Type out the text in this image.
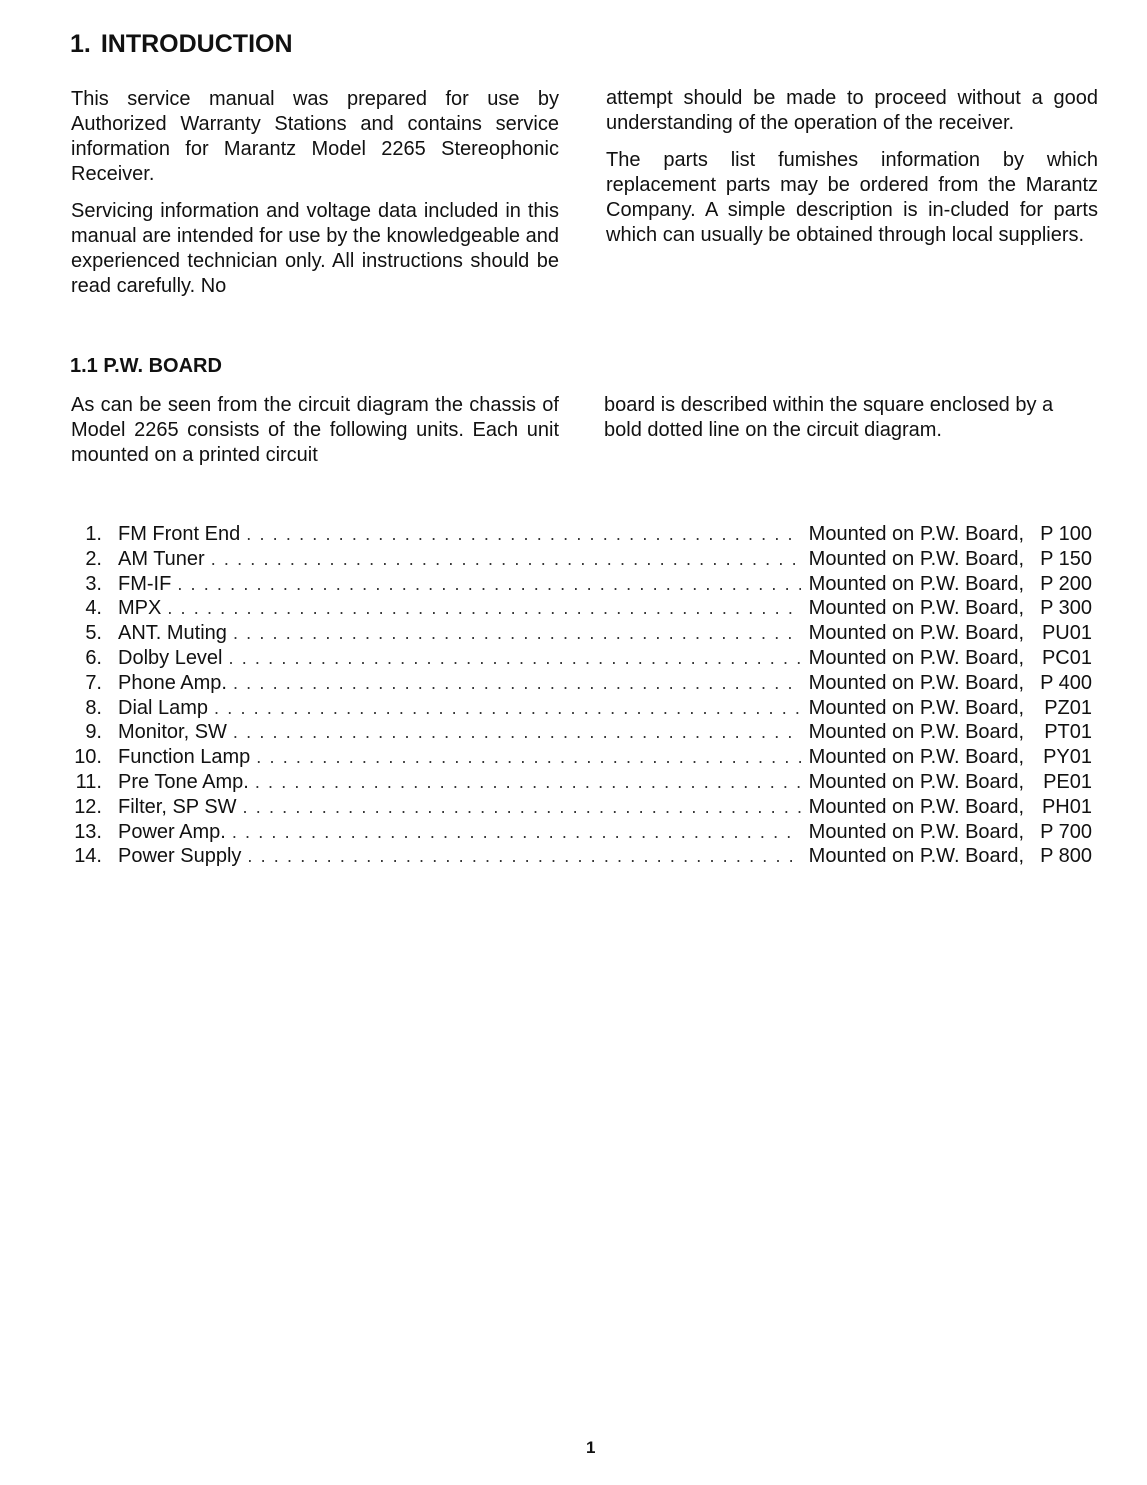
1. INTRODUCTION

This service manual was prepared for use by Authorized Warranty Stations and contains service information for Marantz Model 2265 Stereophonic Receiver.

Servicing information and voltage data included in this manual are intended for use by the knowledgeable and experienced technician only. All instructions should be read carefully. No

attempt should be made to proceed without a good understanding of the operation of the receiver.

The parts list fumishes information by which replacement parts may be ordered from the Marantz Company. A simple description is in-cluded for parts which can usually be obtained through local suppliers.

1.1 P.W. BOARD

As can be seen from the circuit diagram the chassis of Model 2265 consists of the following units. Each unit mounted on a printed circuit

board is described within the square enclosed by a bold dotted line on the circuit diagram.

1. FM Front End . . .	Mounted on P.W. Board, P 100
2. AM Tuner . . .	Mounted on P.W. Board, P 150
3. FM-IF . . .	Mounted on P.W. Board, P 200
4. MPX . . .	Mounted on P.W. Board, P 300
5. ANT. Muting . . .	Mounted on P.W. Board, PU01
6. Dolby Level . . .	Mounted on P.W. Board, PC01
7. Phone Amp. . . .	Mounted on P.W. Board, P 400
8. Dial Lamp . . .	Mounted on P.W. Board,	PZ01
9. Monitor, SW . . .	Mounted on P.W. Board,	PT01
10. Function Lamp . . .	Mounted on P.W. Board, PY01
11. Pre Tone Amp. . . .	Mounted on P.W. Board, PE01
12. Filter, SP SW . . .	Mounted on P.W. Board, PH01
13. Power Amp. . . .	Mounted on P.W. Board, P 700
14. Power Supply . . .	Mounted on P.W. Board, P 800
1
